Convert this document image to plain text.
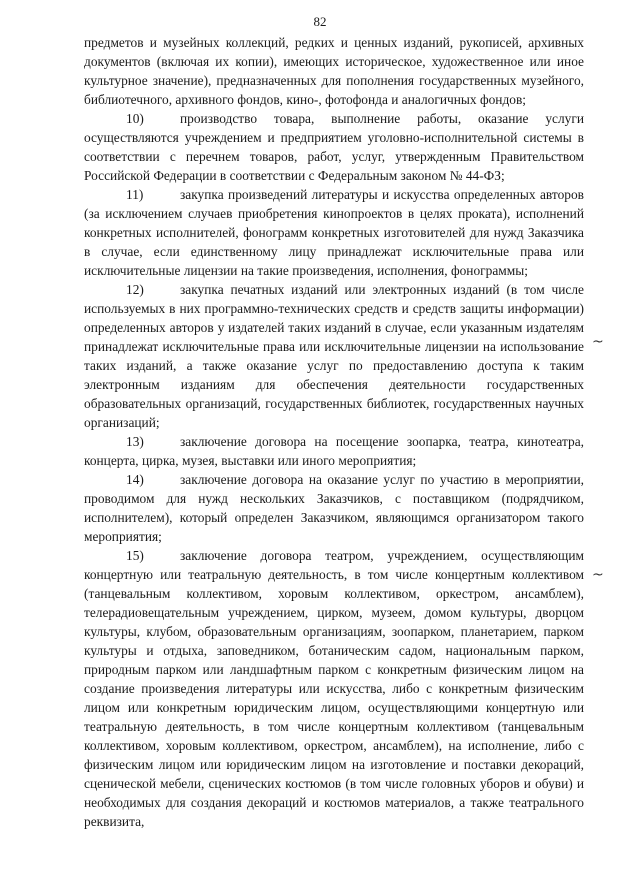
82

предметов и музейных коллекций, редких и ценных изданий, рукописей, архивных документов (включая их копии), имеющих историческое, художественное или иное культурное значение), предназначенных для пополнения государственных музейного, библиотечного, архивного фондов, кино-, фотофонда и аналогичных фондов;

10)	производство товара, выполнение работы, оказание услуги осуществляются учреждением и предприятием уголовно-исполнительной системы в соответствии с перечнем товаров, работ, услуг, утвержденным Правительством Российской Федерации в соответствии с Федеральным законом № 44-ФЗ;

11)	закупка произведений литературы и искусства определенных авторов (за исключением случаев приобретения кинопроектов в целях проката), исполнений конкретных исполнителей, фонограмм конкретных изготовителей для нужд Заказчика в случае, если единственному лицу принадлежат исключительные права или исключительные лицензии на такие произведения, исполнения, фонограммы;

12)	закупка печатных изданий или электронных изданий (в том числе используемых в них программно-технических средств и средств защиты информации) определенных авторов у издателей таких изданий в случае, если указанным издателям принадлежат исключительные права или исключительные лицензии на использование таких изданий, а также оказание услуг по предоставлению доступа к таким электронным изданиям для обеспечения деятельности государственных образовательных организаций, государственных библиотек, государственных научных организаций;

13)	заключение договора на посещение зоопарка, театра, кинотеатра, концерта, цирка, музея, выставки или иного мероприятия;

14)	заключение договора на оказание услуг по участию в мероприятии, проводимом для нужд нескольких Заказчиков, с поставщиком (подрядчиком, исполнителем), который определен Заказчиком, являющимся организатором такого мероприятия;

15)	заключение договора театром, учреждением, осуществляющим концертную или театральную деятельность, в том числе концертным коллективом (танцевальным коллективом, хоровым коллективом, оркестром, ансамблем), телерадиовещательным учреждением, цирком, музеем, домом культуры, дворцом культуры, клубом, образовательным организациям, зоопарком, планетарием, парком культуры и отдыха, заповедником, ботаническим садом, национальным парком, природным парком или ландшафтным парком с конкретным физическим лицом на создание произведения литературы или искусства, либо с конкретным физическим лицом или конкретным юридическим лицом, осуществляющими концертную или театральную деятельность, в том числе концертным коллективом (танцевальным коллективом, хоровым коллективом, оркестром, ансамблем), на исполнение, либо с физическим лицом или юридическим лицом на изготовление и поставки декораций, сценической мебели, сценических костюмов (в том числе головных уборов и обуви) и необходимых для создания декораций и костюмов материалов, а также театрального реквизита,

~
~
